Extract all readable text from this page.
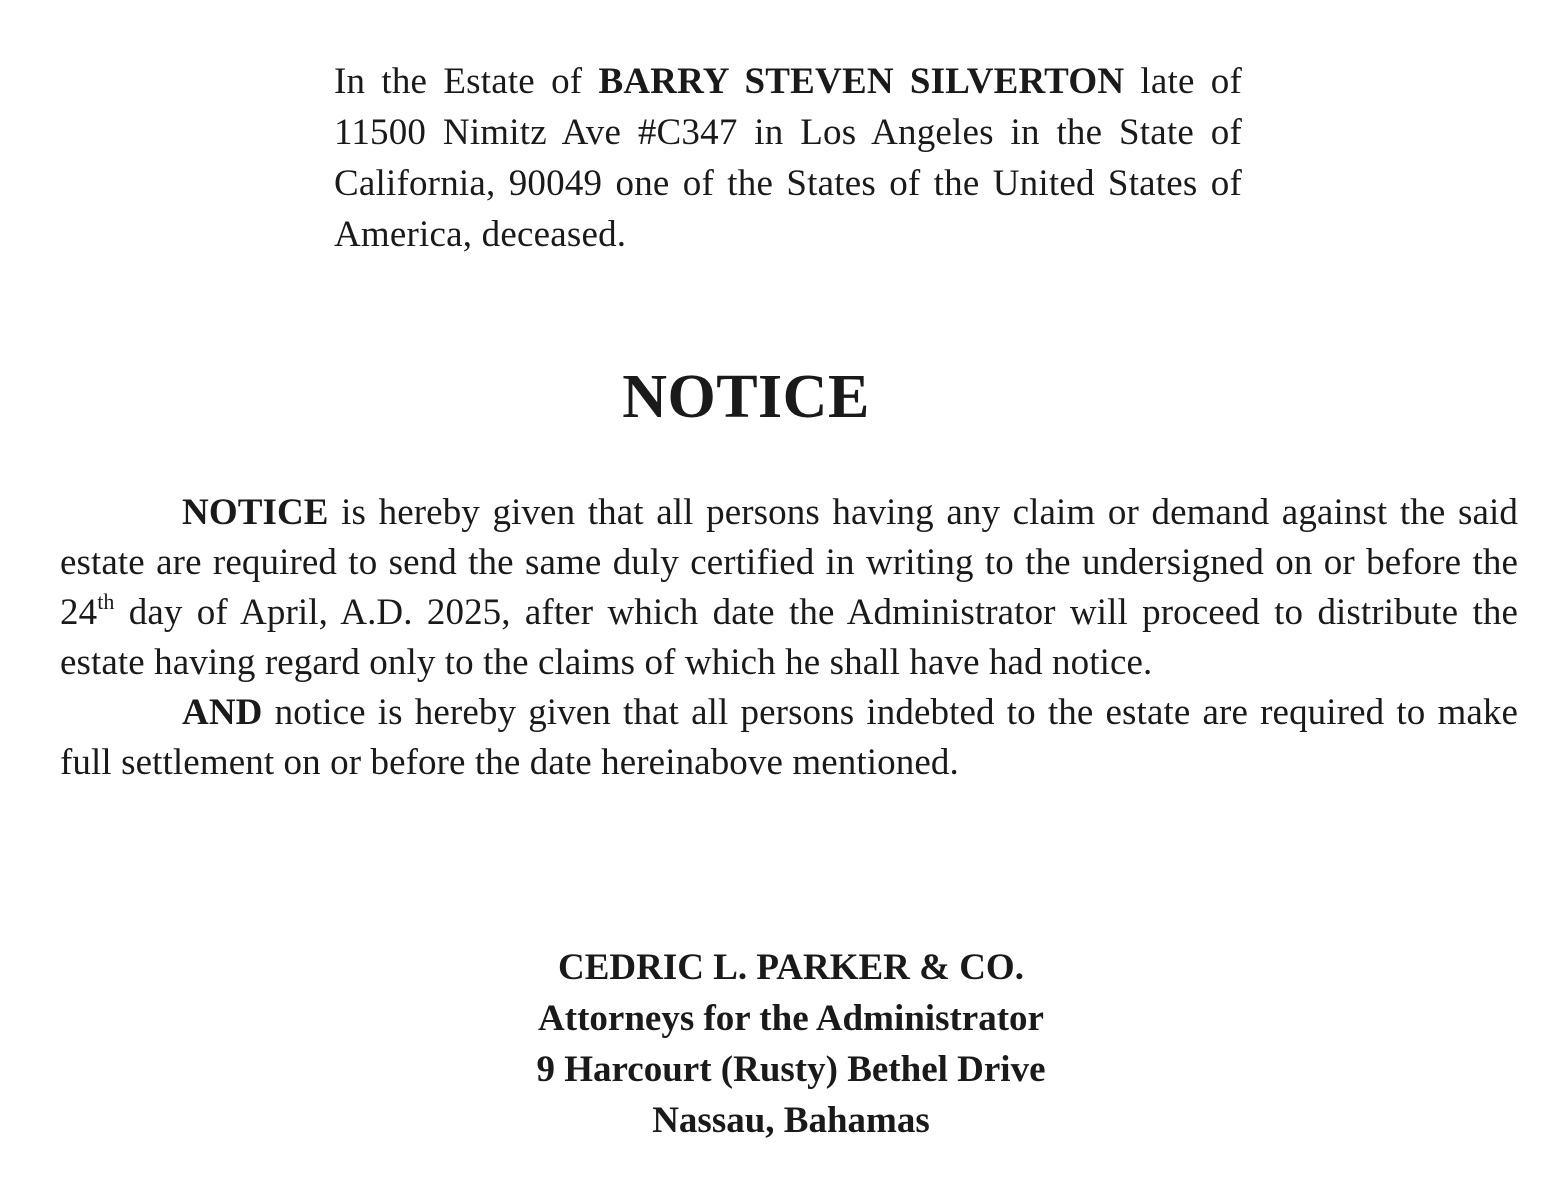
In the Estate of BARRY STEVEN SILVERTON late of 11500 Nimitz Ave #C347 in Los Angeles in the State of California, 90049 one of the States of the United States of America, deceased.
NOTICE

NOTICE is hereby given that all persons having any claim or demand against the said estate are required to send the same duly certified in writing to the undersigned on or before the 24th day of April, A.D. 2025, after which date the Administrator will proceed to distribute the estate having regard only to the claims of which he shall have had notice.

AND notice is hereby given that all persons indebted to the estate are required to make full settlement on or before the date hereinabove mentioned.

CEDRIC L. PARKER & CO.
Attorneys for the Administrator
9 Harcourt (Rusty) Bethel Drive
Nassau, Bahamas
